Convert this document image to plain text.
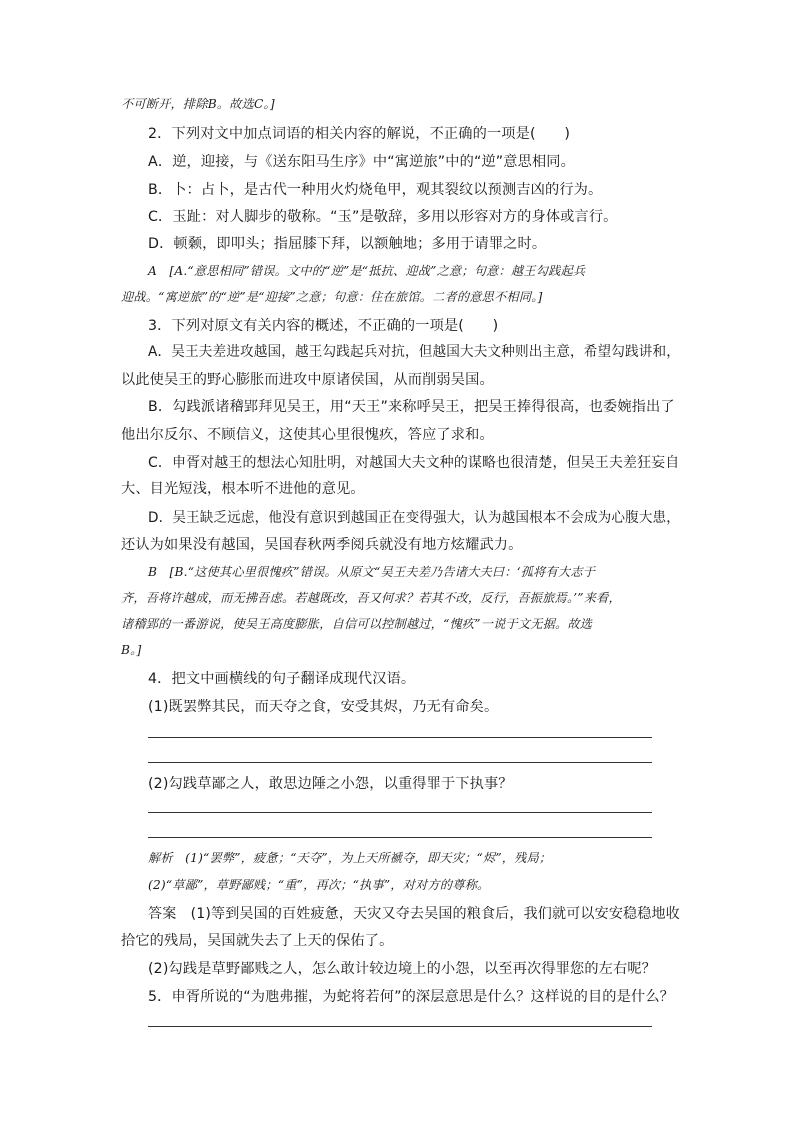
不可断开，排除B。故选C。]
2．下列对文中加点词语的相关内容的解说，不正确的一项是(　　)
A．逆，迎接，与《送东阳马生序》中“寓逆旅”中的“逆”意思相同。
B．卜：占卜，是古代一种用火灼烧龟甲，观其裂纹以预测吉凶的行为。
C．玉趾：对人脚步的敬称。“玉”是敬辞，多用以形容对方的身体或言行。
D．顿颡，即叩头；指屈膝下拜，以额触地；多用于请罪之时。
A　[A.“意思相同”错误。文中的“逆”是“抵抗、迎战”之意；句意：越王勾践起兵
迎战。“寓逆旅”的“逆”是“迎接”之意；句意：住在旅馆。二者的意思不相同。]
3．下列对原文有关内容的概述，不正确的一项是(　　)
A．吴王夫差进攻越国，越王勾践起兵对抗，但越国大夫文种则出主意，希望勾践讲和，
以此使吴王的野心膨胀而进攻中原诸侯国，从而削弱吴国。
B．勾践派诸稽郢拜见吴王，用“天王”来称呼吴王，把吴王捧得很高，也委婉指出了
他出尔反尔、不顾信义，这使其心里很愧疚，答应了求和。
C．申胥对越王的想法心知肚明，对越国大夫文种的谋略也很清楚，但吴王夫差狂妄自
大、目光短浅，根本听不进他的意见。
D．吴王缺乏远虑，他没有意识到越国正在变得强大，认为越国根本不会成为心腹大患，
还认为如果没有越国，吴国春秋两季阅兵就没有地方炫耀武力。
B　[B.“这使其心里很愧疚”错误。从原文“吴王夫差乃告诸大夫曰：‘孤将有大志于
齐，吾将许越成，而无拂吾虑。若越既改，吾又何求？若其不改，反行，吾振旅焉。’”来看，
诸稽郢的一番游说，使吴王高度膨胀，自信可以控制越过，“愧疚”一说于文无据。故选
B。]
4．把文中画横线的句子翻译成现代汉语。
(1)既罢弊其民，而天夺之食，安受其烬，乃无有命矣。
(2)勾践草鄙之人，敢思边陲之小怨，以重得罪于下执事？
解析　(1)“罢弊”，疲惫；“天夺”，为上天所褫夺，即天灾；“烬”，残局；
(2)“草鄙”，草野鄙贱；“重”，再次；“执事”，对对方的尊称。
答案　(1)等到吴国的百姓疲惫，天灾又夺去吴国的粮食后，我们就可以安安稳稳地收
拾它的残局，吴国就失去了上天的保佑了。
(2)勾践是草野鄙贱之人，怎么敢计较边境上的小怨，以至再次得罪您的左右呢？
5．申胥所说的“为虺弗摧，为蛇将若何”的深层意思是什么？这样说的目的是什么？
